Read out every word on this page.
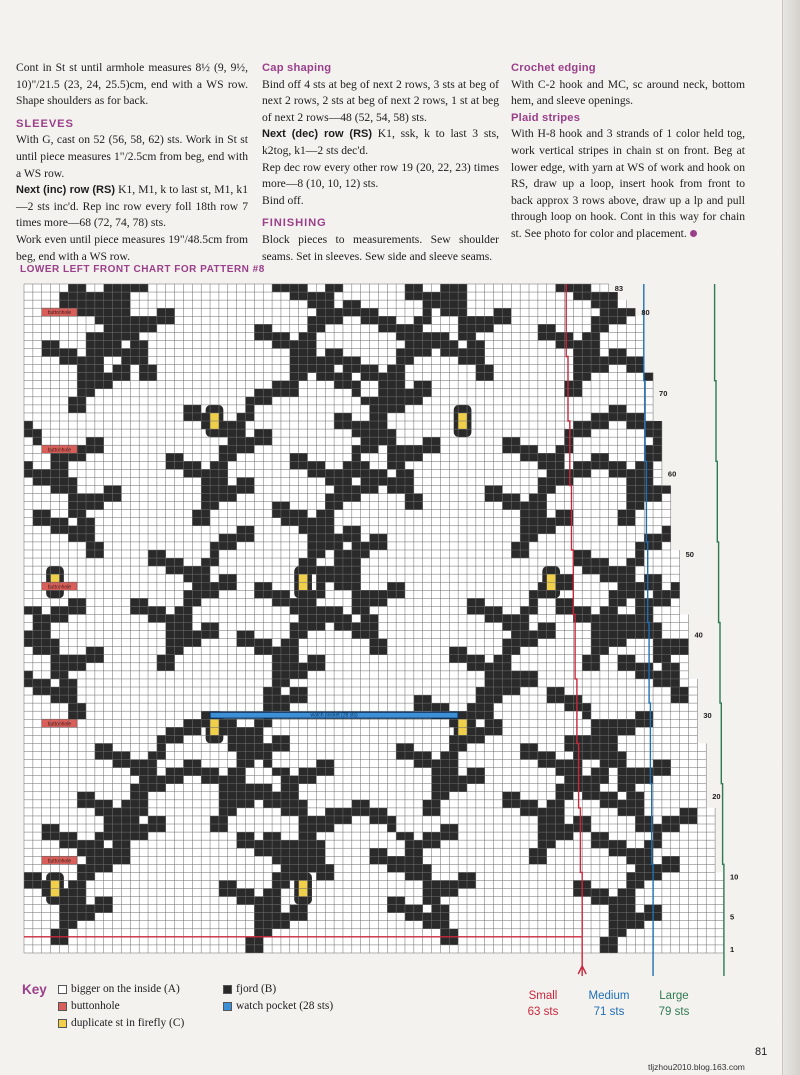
Cont in St st until armhole measures 8½ (9, 9½, 10)"/21.5 (23, 24, 25.5)cm, end with a WS row. Shape shoulders as for back.

SLEEVES

With G, cast on 52 (56, 58, 62) sts. Work in St st until piece measures 1"/2.5cm from beg, end with a WS row.

Next (inc) row (RS) K1, M1, k to last st, M1, k1—2 sts inc'd. Rep inc row every foll 18th row 7 times more—68 (72, 74, 78) sts.

Work even until piece measures 19"/48.5cm from beg, end with a WS row.

Cap shaping

Bind off 4 sts at beg of next 2 rows, 3 sts at beg of next 2 rows, 2 sts at beg of next 2 rows, 1 st at beg of next 2 rows—48 (52, 54, 58) sts.

Next (dec) row (RS) K1, ssk, k to last 3 sts, k2tog, k1—2 sts dec'd.

Rep dec row every other row 19 (20, 22, 23) times more—8 (10, 10, 12) sts.

Bind off.

FINISHING

Block pieces to measurements. Sew shoulder seams. Set in sleeves. Sew side and sleeve seams.

Crochet edging

With C-2 hook and MC, sc around neck, bottom hem, and sleeve openings.

Plaid stripes

With H-8 hook and 3 strands of 1 color held tog, work vertical stripes in chain st on front. Beg at lower edge, with yarn at WS of work and hook on RS, draw up a loop, insert hook from front to back approx 3 rows above, draw up a lp and pull through loop on hook. Cont in this way for chain st. See photo for color and placement.

LOWER LEFT FRONT CHART FOR PATTERN #8
buttonhole
buttonhole
buttonhole
buttonhole
buttonhole
watch pocket (28 sts)
83
80
70
60
50
40
30
20
10
5
1
Small
63 sts
Medium
71 sts
Large
79 sts
Key bigger on the inside (A)
buttonhole
duplicate st in firefly (C)
fjord (B)
watch pocket (28 sts)
81
tljzhou2010.blog.163.com
